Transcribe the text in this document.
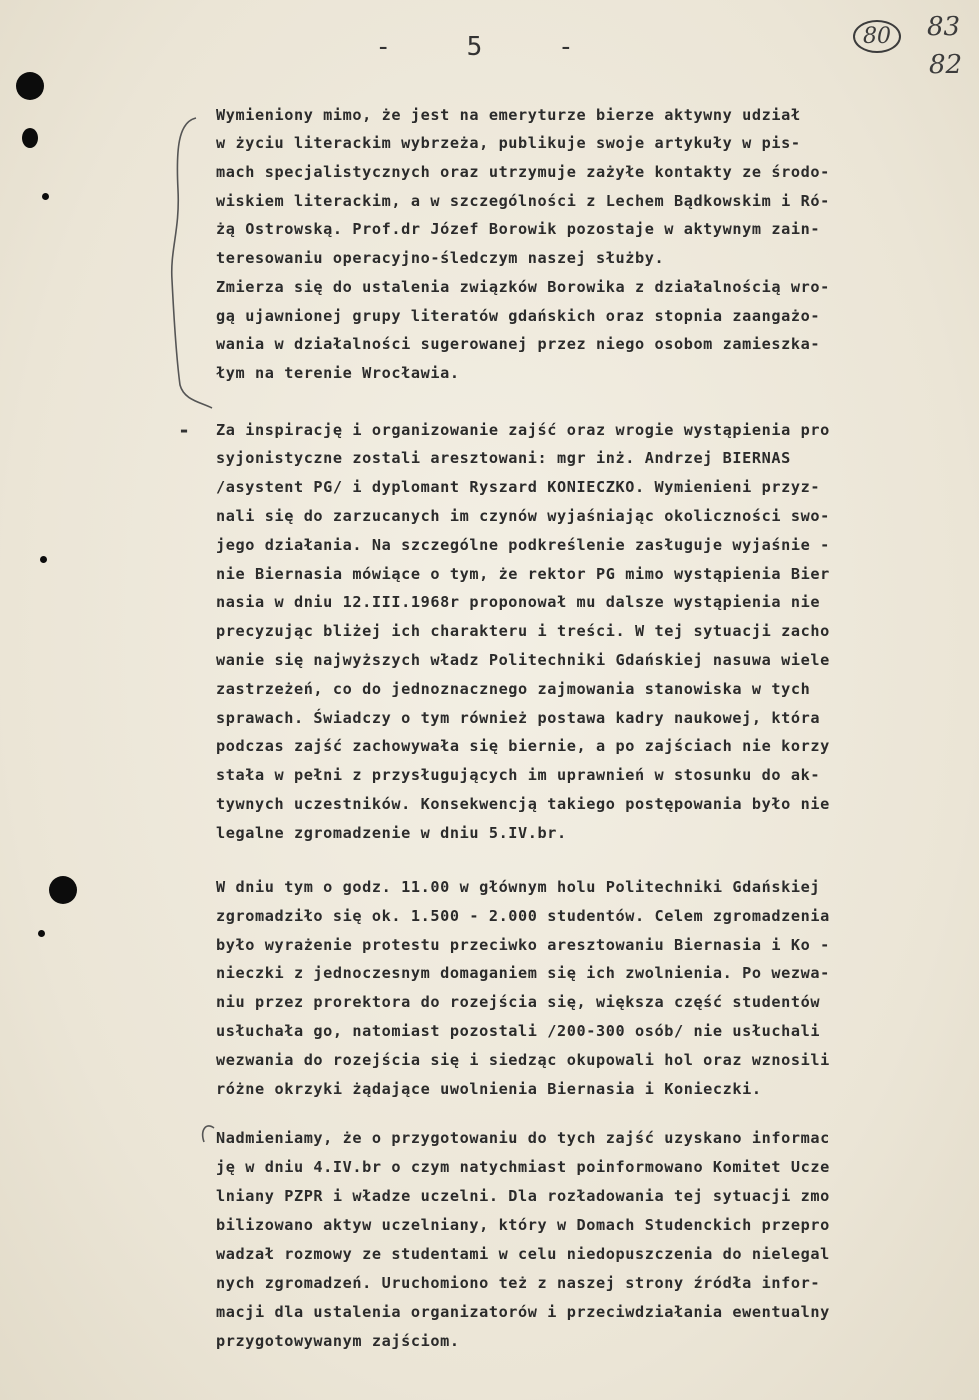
- 5 -	80	83
82
Wymieniony mimo, że jest na emeryturze bierze aktywny udział
w życiu literackim wybrzeża, publikuje swoje artykuły w pis-
mach specjalistycznych oraz utrzymuje zażyłe kontakty ze środo-
wiskiem literackim, a w szczególności z Lechem Bądkowskim i Ró-
żą Ostrowską. Prof.dr Józef Borowik pozostaje w aktywnym zain-
teresowaniu operacyjno-śledczym naszej służby.
Zmierza się do ustalenia związków Borowika z działalnością wro-
gą ujawnionej grupy literatów gdańskich oraz stopnia zaangażo-
wania w działalności sugerowanej przez niego osobom zamieszka-
łym na terenie Wrocławia.
- Za inspirację i organizowanie zajść oraz wrogie wystąpienia pro
syjonistyczne zostali aresztowani: mgr inż. Andrzej BIERNAS
/asystent PG/ i dyplomant Ryszard KONIECZKO. Wymienieni przyz-
nali się do zarzucanych im czynów wyjaśniając okoliczności swo-
jego działania. Na szczególne podkreślenie zasługuje wyjaśnie -
nie Biernasia mówiące o tym, że rektor PG mimo wystąpienia Bier
nasia w dniu 12.III.1968r proponował mu dalsze wystąpienia nie
precyzując bliżej ich charakteru i treści. W tej sytuacji zacho
wanie się najwyższych władz Politechniki Gdańskiej nasuwa wiele
zastrzeżeń, co do jednoznacznego zajmowania stanowiska w tych
sprawach. Świadczy o tym również postawa kadry naukowej, która
podczas zajść zachowywała się biernie, a po zajściach nie korzy
stała w pełni z przysługujących im uprawnień w stosunku do ak-
tywnych uczestników. Konsekwencją takiego postępowania było nie
legalne zgromadzenie w dniu 5.IV.br.
W dniu tym o godz. 11.00 w głównym holu Politechniki Gdańskiej
zgromadziło się ok. 1.500 - 2.000 studentów. Celem zgromadzenia
było wyrażenie protestu przeciwko aresztowaniu Biernasia i Ko -
nieczki z jednoczesnym domaganiem się ich zwolnienia. Po wezwa-
niu przez prorektora do rozejścia się, większa część studentów
usłuchała go, natomiast pozostali /200-300 osób/ nie usłuchali
wezwania do rozejścia się i siedząc okupowali hol oraz wznosili
różne okrzyki żądające uwolnienia Biernasia i Konieczki.
Nadmieniamy, że o przygotowaniu do tych zajść uzyskano informac
ję w dniu 4.IV.br o czym natychmiast poinformowano Komitet Ucze
lniany PZPR i władze uczelni. Dla rozładowania tej sytuacji zmo
bilizowano aktyw uczelniany, który w Domach Studenckich przepro
wadzał rozmowy ze studentami w celu niedopuszczenia do nielegal
nych zgromadzeń. Uruchomiono też z naszej strony źródła infor-
macji dla ustalenia organizatorów i przeciwdziałania ewentualny
przygotowywanym zajściom.
